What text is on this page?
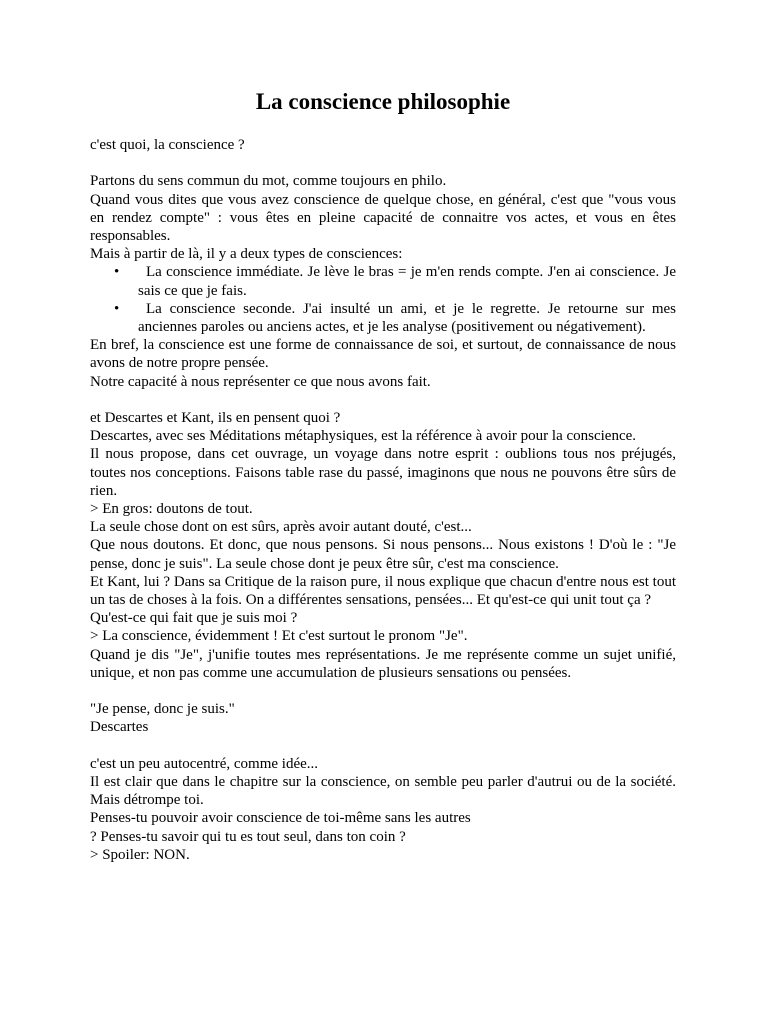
La conscience philosophie

c'est quoi, la conscience ?

Partons du sens commun du mot, comme toujours en philo.

Quand vous dites que vous avez conscience de quelque chose, en général, c'est que "vous vous en rendez compte" : vous êtes en pleine capacité de connaitre vos actes, et vous en êtes responsables.

Mais à partir de là, il y a deux types de consciences:

• La conscience immédiate. Je lève le bras = je m'en rends compte. J'en ai conscience. Je sais ce que je fais.
• La conscience seconde. J'ai insulté un ami, et je le regrette. Je retourne sur mes anciennes paroles ou anciens actes, et je les analyse (positivement ou négativement).

En bref, la conscience est une forme de connaissance de soi, et surtout, de connaissance de nous avons de notre propre pensée.

Notre capacité à nous représenter ce que nous avons fait.

et Descartes et Kant, ils en pensent quoi ?

Descartes, avec ses Méditations métaphysiques, est la référence à avoir pour la conscience.

Il nous propose, dans cet ouvrage, un voyage dans notre esprit : oublions tous nos préjugés, toutes nos conceptions. Faisons table rase du passé, imaginons que nous ne pouvons être sûrs de rien.

> En gros: doutons de tout.

La seule chose dont on est sûrs, après avoir autant douté, c'est...

Que nous doutons. Et donc, que nous pensons. Si nous pensons... Nous existons ! D'où le : "Je pense, donc je suis". La seule chose dont je peux être sûr, c'est ma conscience.

Et Kant, lui ? Dans sa Critique de la raison pure, il nous explique que chacun d'entre nous est tout un tas de choses à la fois. On a différentes sensations, pensées... Et qu'est-ce qui unit tout ça ?

Qu'est-ce qui fait que je suis moi ?

> La conscience, évidemment ! Et c'est surtout le pronom "Je".

Quand je dis "Je", j'unifie toutes mes représentations. Je me représente comme un sujet unifié, unique, et non pas comme une accumulation de plusieurs sensations ou pensées.

"Je pense, donc je suis."

Descartes

c'est un peu autocentré, comme idée...

Il est clair que dans le chapitre sur la conscience, on semble peu parler d'autrui ou de la société. Mais détrompe toi.

Penses-tu pouvoir avoir conscience de toi-même sans les autres

? Penses-tu savoir qui tu es tout seul, dans ton coin ?

> Spoiler: NON.
